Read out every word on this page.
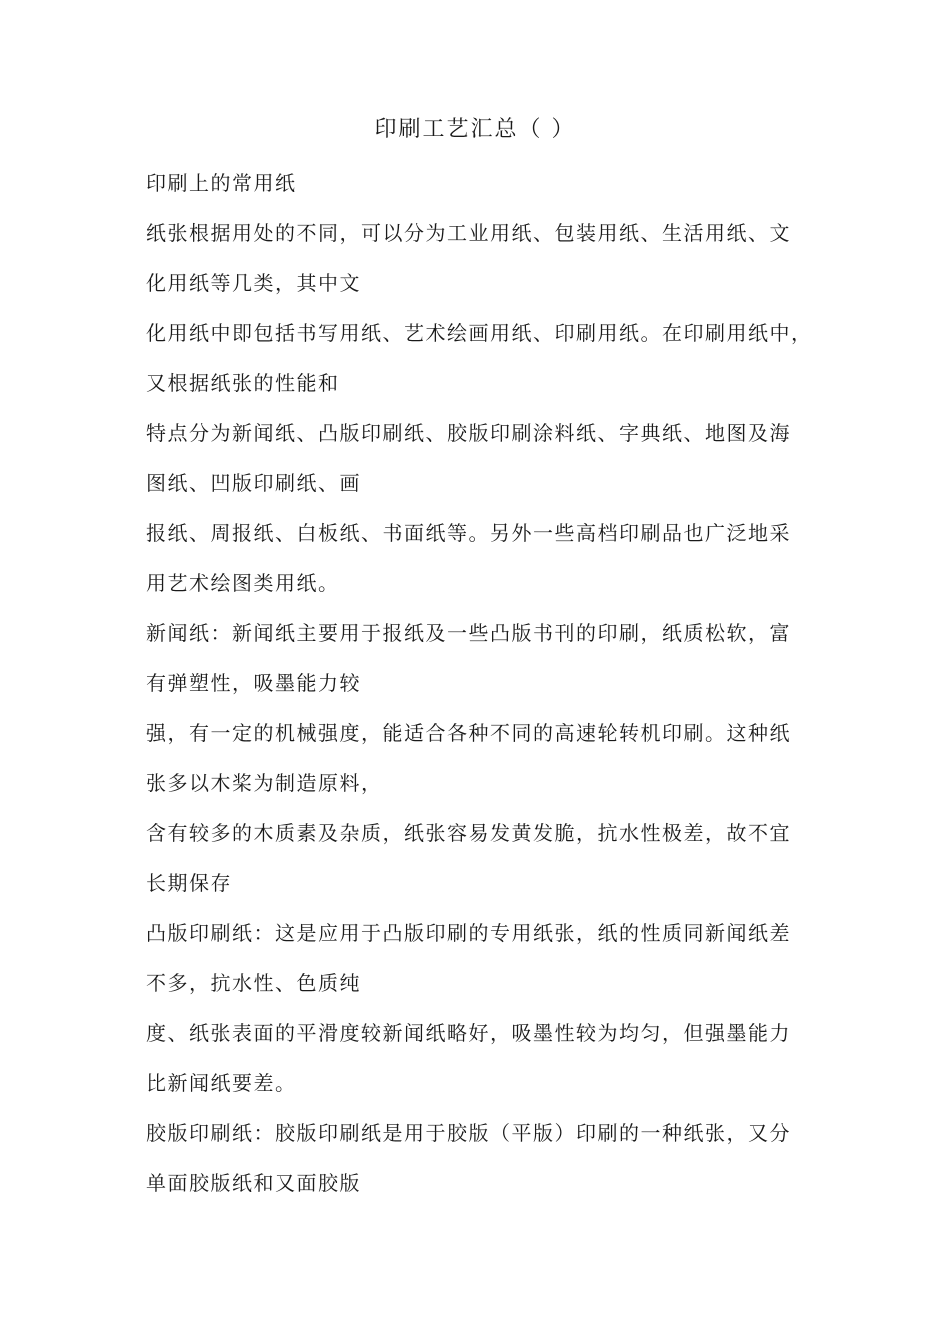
印刷工艺汇总（ ）
印刷上的常用纸
纸张根据用处的不同，可以分为工业用纸、包装用纸、生活用纸、文
化用纸等几类，其中文
化用纸中即包括书写用纸、艺术绘画用纸、印刷用纸。在印刷用纸中，
又根据纸张的性能和
特点分为新闻纸、凸版印刷纸、胶版印刷涂料纸、字典纸、地图及海
图纸、凹版印刷纸、画
报纸、周报纸、白板纸、书面纸等。另外一些高档印刷品也广泛地采
用艺术绘图类用纸。
新闻纸：新闻纸主要用于报纸及一些凸版书刊的印刷，纸质松软，富
有弹塑性，吸墨能力较
强，有一定的机械强度，能适合各种不同的高速轮转机印刷。这种纸
张多以木桨为制造原料，
含有较多的木质素及杂质，纸张容易发黄发脆，抗水性极差，故不宜
长期保存
凸版印刷纸：这是应用于凸版印刷的专用纸张，纸的性质同新闻纸差
不多，抗水性、色质纯
度、纸张表面的平滑度较新闻纸略好，吸墨性较为均匀，但强墨能力
比新闻纸要差。
胶版印刷纸：胶版印刷纸是用于胶版（平版）印刷的一种纸张，又分
单面胶版纸和又面胶版
